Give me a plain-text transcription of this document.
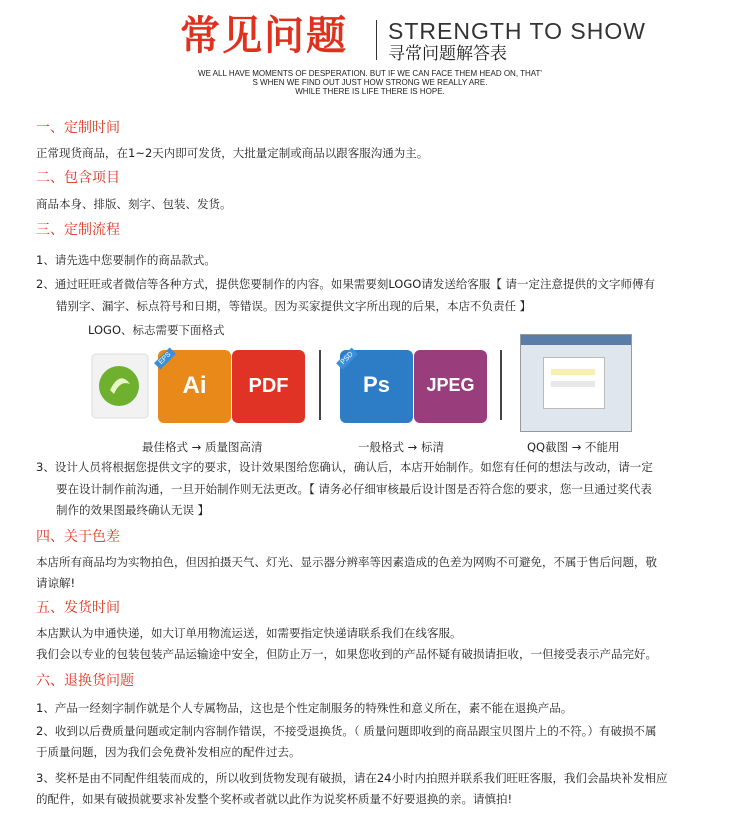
常见问题 STRENGTH TO SHOW
寻常问题解答表
WE ALL HAVE MOMENTS OF DESPERATION. BUT IF WE CAN FACE THEM HEAD ON, THAT'
S WHEN WE FIND OUT JUST HOW STRONG WE REALLY ARE.
WHILE THERE IS LIFE THERE IS HOPE.
一、定制时间
正常现货商品，在1~2天内即可发货，大批量定制或商品以跟客服沟通为主。
二、包含项目
商品本身、排版、刻字、包装、发货。
三、定制流程
1、请先选中您要制作的商品款式。
2、通过旺旺或者微信等各种方式，提供您要制作的内容。如果需要刻LOGO请发送给客服【 请一定注意提供的文字师傅有
错别字、漏字、标点符号和日期，等错误。因为买家提供文字所出现的后果，本店不负责任 】
LOGO、标志需要下面格式
EPS
Ai	PDF
PSD
Ps	JPEG
最佳格式 → 质量图高清	一般格式 → 标清	QQ截图 → 不能用
3、设计人员将根据您提供文字的要求，设计效果图给您确认，确认后，本店开始制作。如您有任何的想法与改动，请一定
要在设计制作前沟通，一旦开始制作则无法更改。【 请务必仔细审核最后设计图是否符合您的要求，您一旦通过奖代表
制作的效果图最终确认无误 】
四、关于色差
本店所有商品均为实物拍色，但因拍摄天气、灯光、显示器分辨率等因素造成的色差为网购不可避免，不属于售后问题，敬
请谅解!
五、发货时间
本店默认为申通快递，如大订单用物流运送，如需要指定快递请联系我们在线客服。
我们会以专业的包装包装产品运输途中安全，但防止万一，如果您收到的产品怀疑有破损请拒收，一但接受表示产品完好。
六、退换货问题
1、产品一经刻字制作就是个人专属物品，这也是个性定制服务的特殊性和意义所在，素不能在退换产品。
2、收到以后费质量问题或定制内容制作错误，不接受退换货。（ 质量问题即收到的商品跟宝贝图片上的不符。）有破损不属
于质量问题，因为我们会免费补发相应的配件过去。
3、奖杯是由不同配件组装而成的，所以收到货物发现有破损，请在24小时内拍照并联系我们旺旺客服，我们会晶块补发相应
的配件，如果有破损就要求补发整个奖杯或者就以此作为说奖杯质量不好要退换的亲。请慎拍!
